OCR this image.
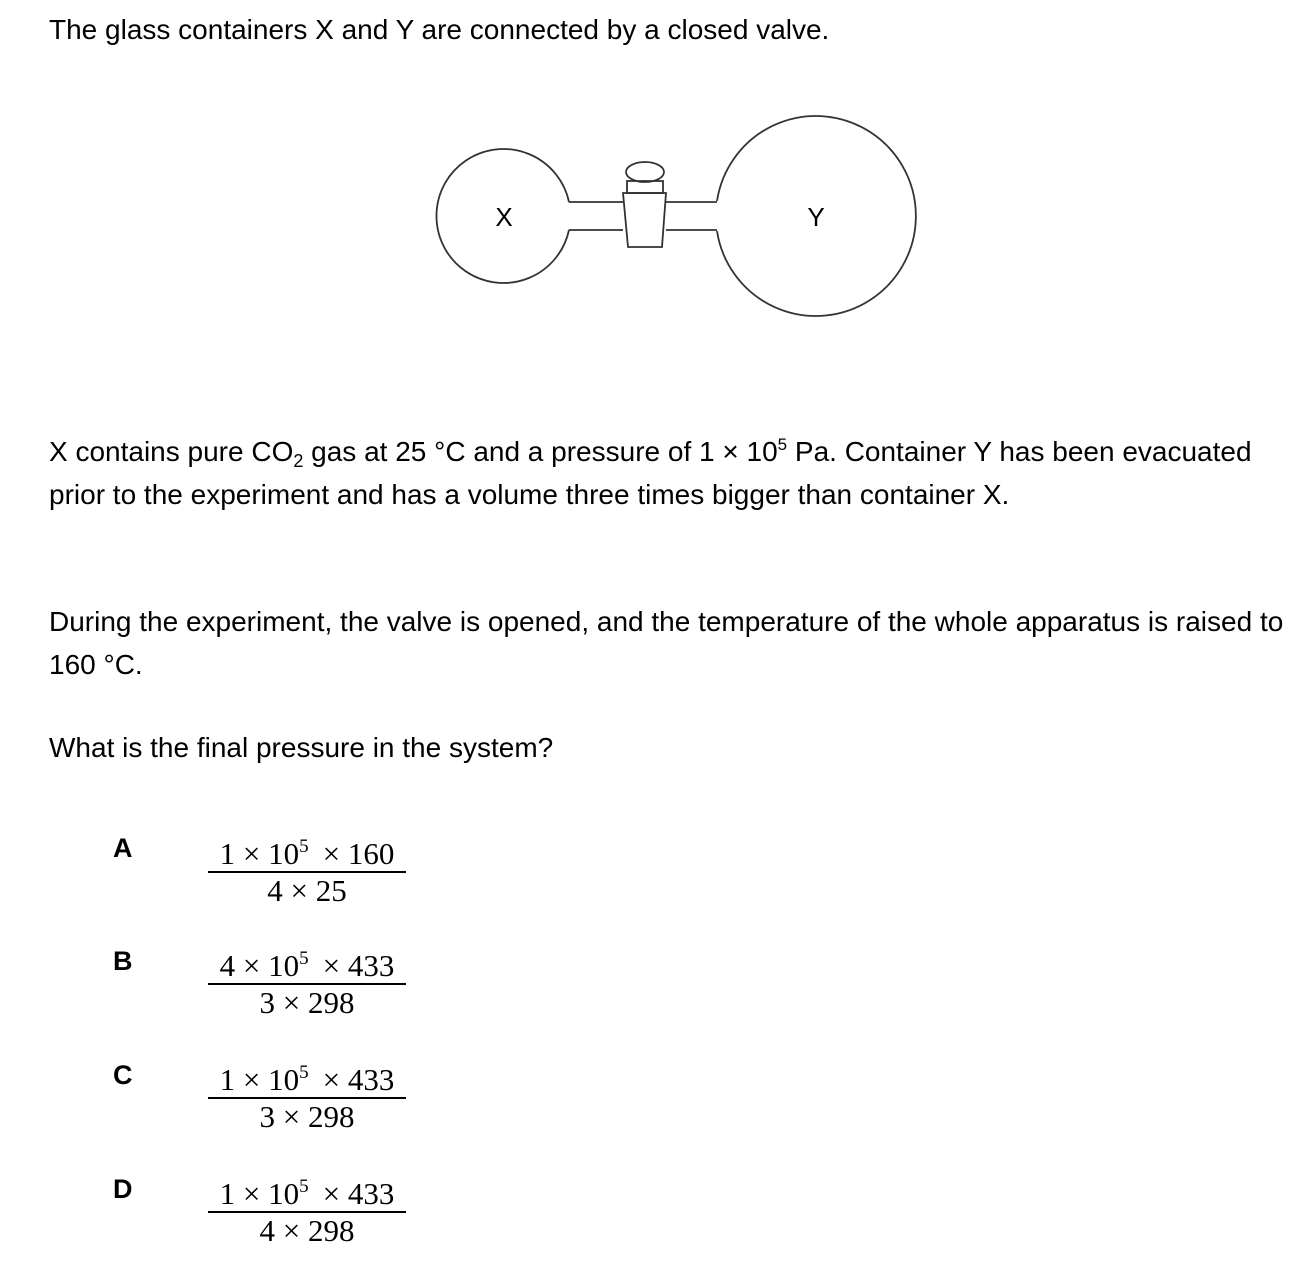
The glass containers X and Y are connected by a closed valve.

X	Y

X contains pure $CO_2$ gas at 25 °C and a pressure of $1 \times 10^5$ Pa. Container Y has been evacuated prior to the experiment and has a volume three times bigger than container X.

During the experiment, the valve is opened, and the temperature of the whole apparatus is raised to 160 °C.

What is the final pressure in the system?

A $\frac{1 \times 10^5 \times 160}{4 \times 25}$
B $\frac{4 \times 10^5 \times 433}{3 \times 298}$
C $\frac{1 \times 10^5 \times 433}{3 \times 298}$
D $\frac{1 \times 10^5 \times 433}{4 \times 298}$
